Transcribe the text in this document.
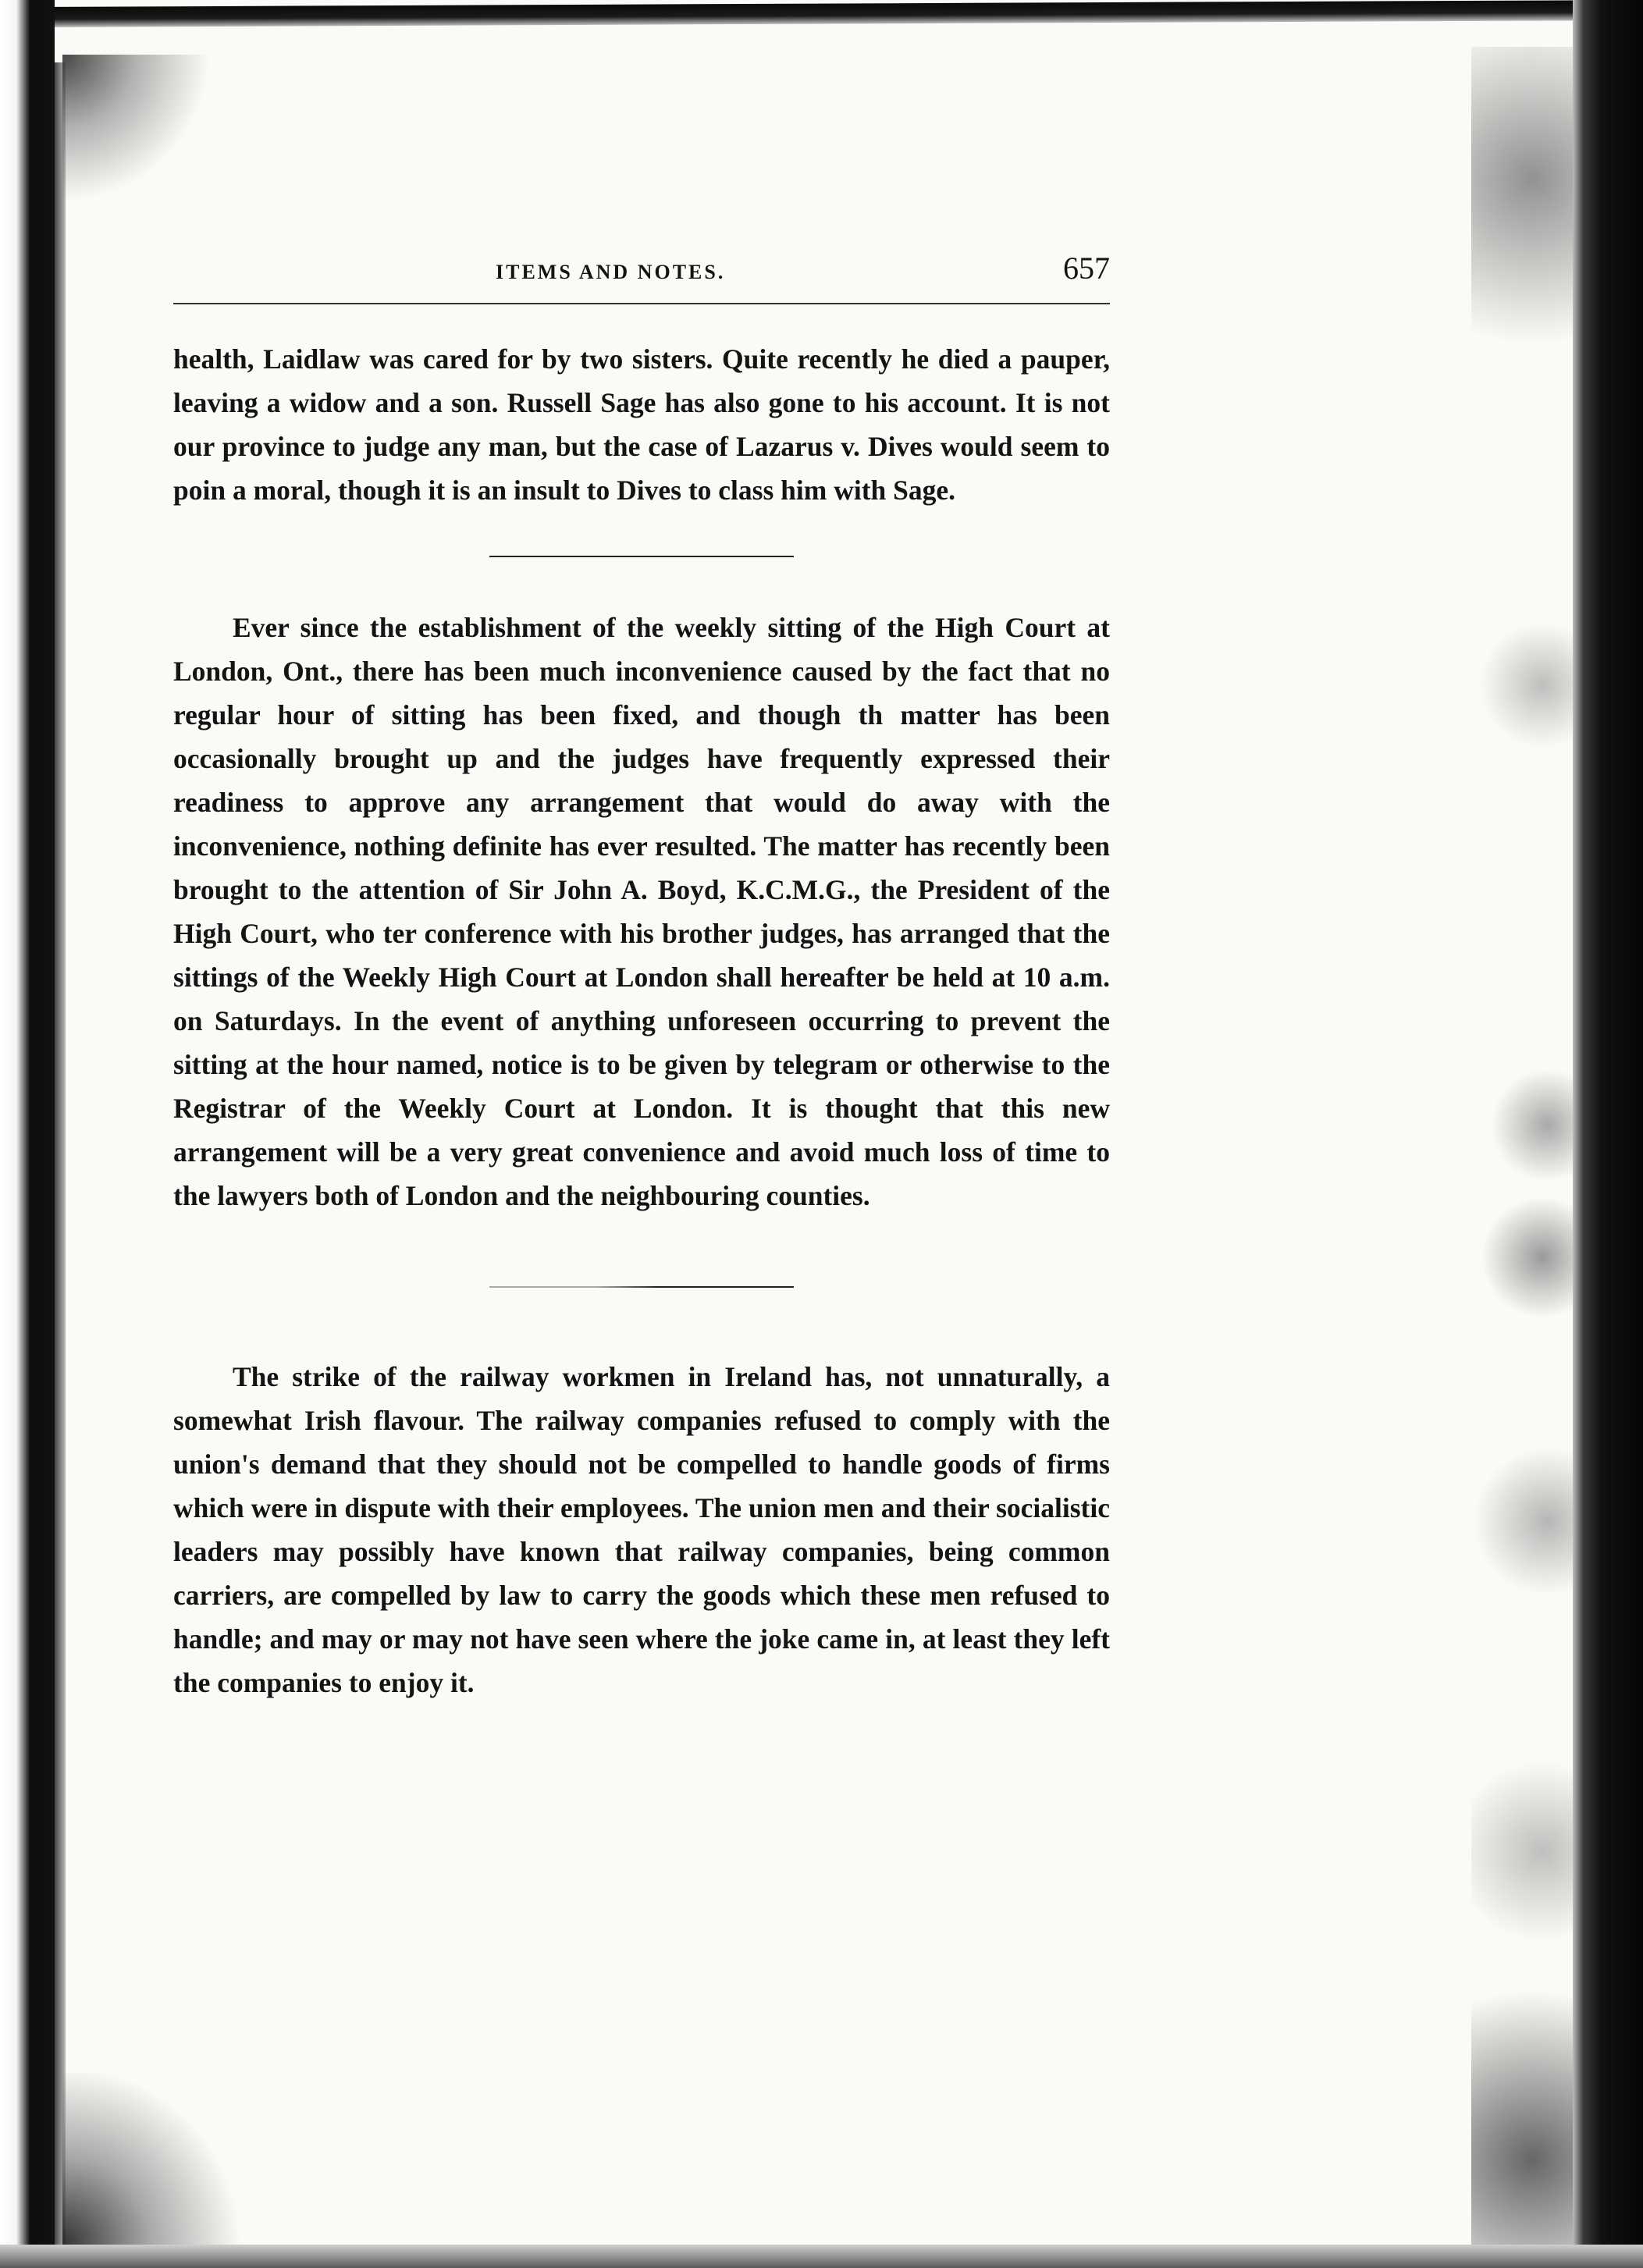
ITEMS AND NOTES.	657

health, Laidlaw was cared for by two sisters. Quite recently he died a pauper, leaving a widow and a son. Russell Sage has also gone to his account. It is not our province to judge any man, but the case of Lazarus v. Dives would seem to poin a moral, though it is an insult to Dives to class him with Sage.

Ever since the establishment of the weekly sitting of the High Court at London, Ont., there has been much inconvenience caused by the fact that no regular hour of sitting has been fixed, and though th matter has been occasionally brought up and the judges have frequently expressed their readiness to approve any arrangement that would do away with the inconvenience, nothing definite has ever resulted. The matter has recently been brought to the attention of Sir John A. Boyd, K.C.M.G., the President of the High Court, who ter conference with his brother judges, has arranged that the sittings of the Weekly High Court at London shall hereafter be held at 10 a.m. on Saturdays. In the event of anything unforeseen occurring to prevent the sitting at the hour named, notice is to be given by telegram or otherwise to the Registrar of the Weekly Court at London. It is thought that this new arrangement will be a very great convenience and avoid much loss of time to the lawyers both of London and the neighbouring counties.

The strike of the railway workmen in Ireland has, not unnaturally, a somewhat Irish flavour. The railway companies refused to comply with the union's demand that they should not be compelled to handle goods of firms which were in dispute with their employees. The union men and their socialistic leaders may possibly have known that railway companies, being common carriers, are compelled by law to carry the goods which these men refused to handle; and may or may not have seen where the joke came in, at least they left the companies to enjoy it.
